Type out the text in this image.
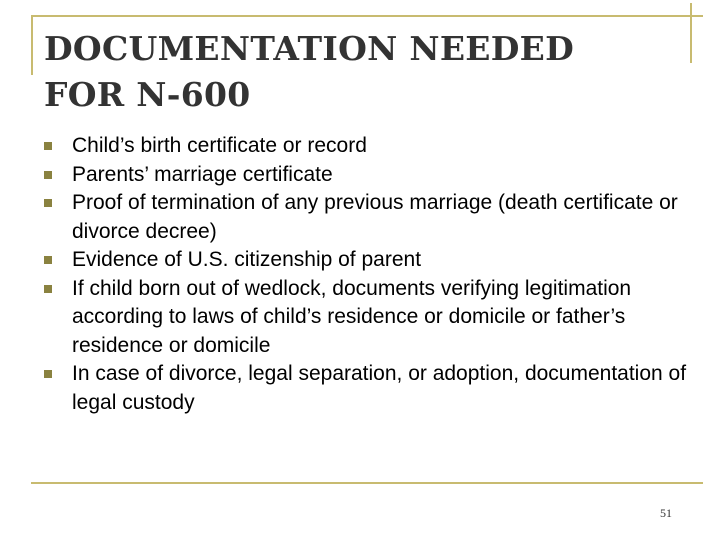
DOCUMENTATION NEEDED
FOR N-600
Child’s birth certificate or record
Parents’ marriage certificate
Proof of termination of any previous marriage (death certificate or divorce decree)
Evidence of U.S. citizenship of parent
If child born out of wedlock, documents verifying legitimation according to laws of child’s residence or domicile or father’s residence or domicile
In case of divorce, legal separation, or adoption, documentation of legal custody
51
